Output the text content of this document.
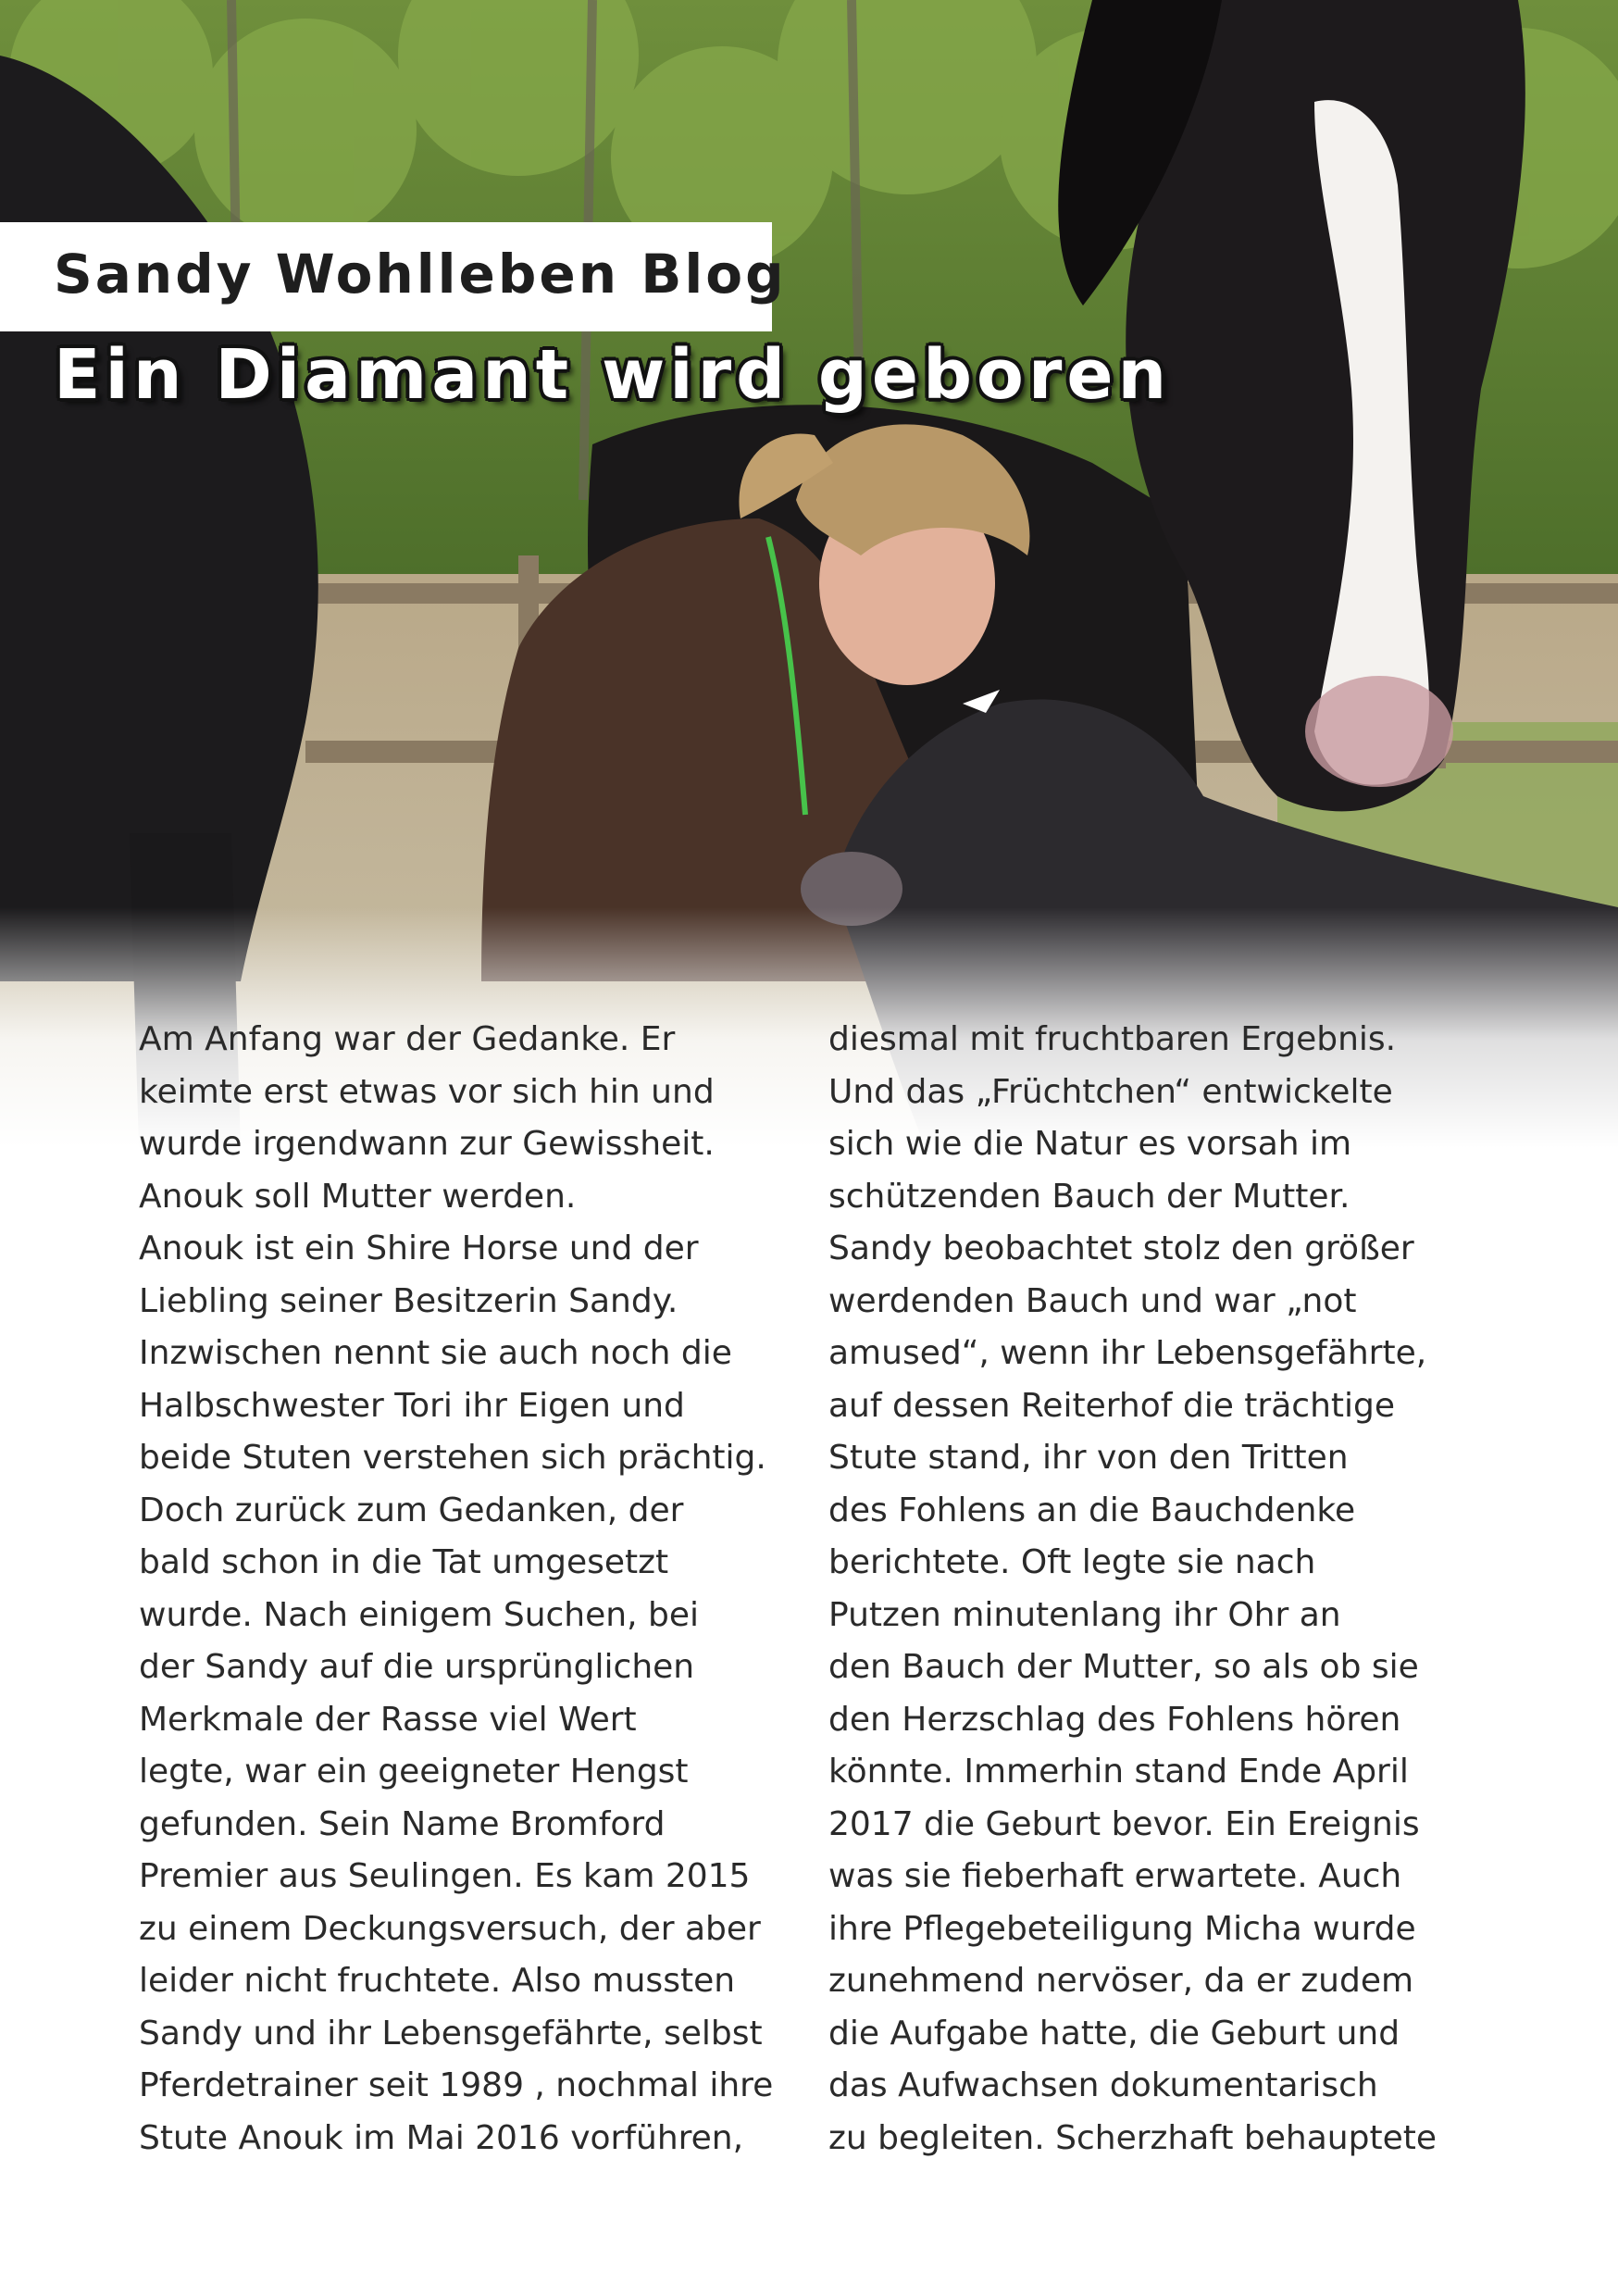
Sandy Wohlleben Blog
Ein Diamant wird geboren
Am Anfang war der Gedanke. Er
keimte erst etwas vor sich hin und
wurde irgendwann zur Gewissheit.
Anouk soll Mutter werden.
Anouk ist ein Shire Horse und der
Liebling seiner Besitzerin Sandy.
Inzwischen nennt sie auch noch die
Halbschwester Tori ihr Eigen und
beide Stuten verstehen sich prächtig.
Doch zurück zum Gedanken, der
bald schon in die Tat umgesetzt
wurde. Nach einigem Suchen, bei
der Sandy auf die ursprünglichen
Merkmale der Rasse viel Wert
legte, war ein geeigneter Hengst
gefunden. Sein Name Bromford
Premier aus Seulingen. Es kam 2015
zu einem Deckungsversuch, der aber
leider nicht fruchtete. Also mussten
Sandy und ihr Lebensgefährte, selbst
Pferdetrainer seit 1989 , nochmal ihre
Stute Anouk im Mai 2016 vorführen,
diesmal mit fruchtbaren Ergebnis.
Und das „Früchtchen“ entwickelte
sich wie die Natur es vorsah im
schützenden Bauch der Mutter.
Sandy beobachtet stolz den größer
werdenden Bauch und war „not
amused“, wenn ihr Lebensgefährte,
auf dessen Reiterhof die trächtige
Stute stand, ihr von den Tritten
des Fohlens an die Bauchdenke
berichtete. Oft legte sie nach
Putzen minutenlang ihr Ohr an
den Bauch der Mutter, so als ob sie
den Herzschlag des Fohlens hören
könnte. Immerhin stand Ende April
2017 die Geburt bevor. Ein Ereignis
was sie fieberhaft erwartete. Auch
ihre Pflegebeteiligung Micha wurde
zunehmend nervöser, da er zudem
die Aufgabe hatte, die Geburt und
das Aufwachsen dokumentarisch
zu begleiten. Scherzhaft behauptete
